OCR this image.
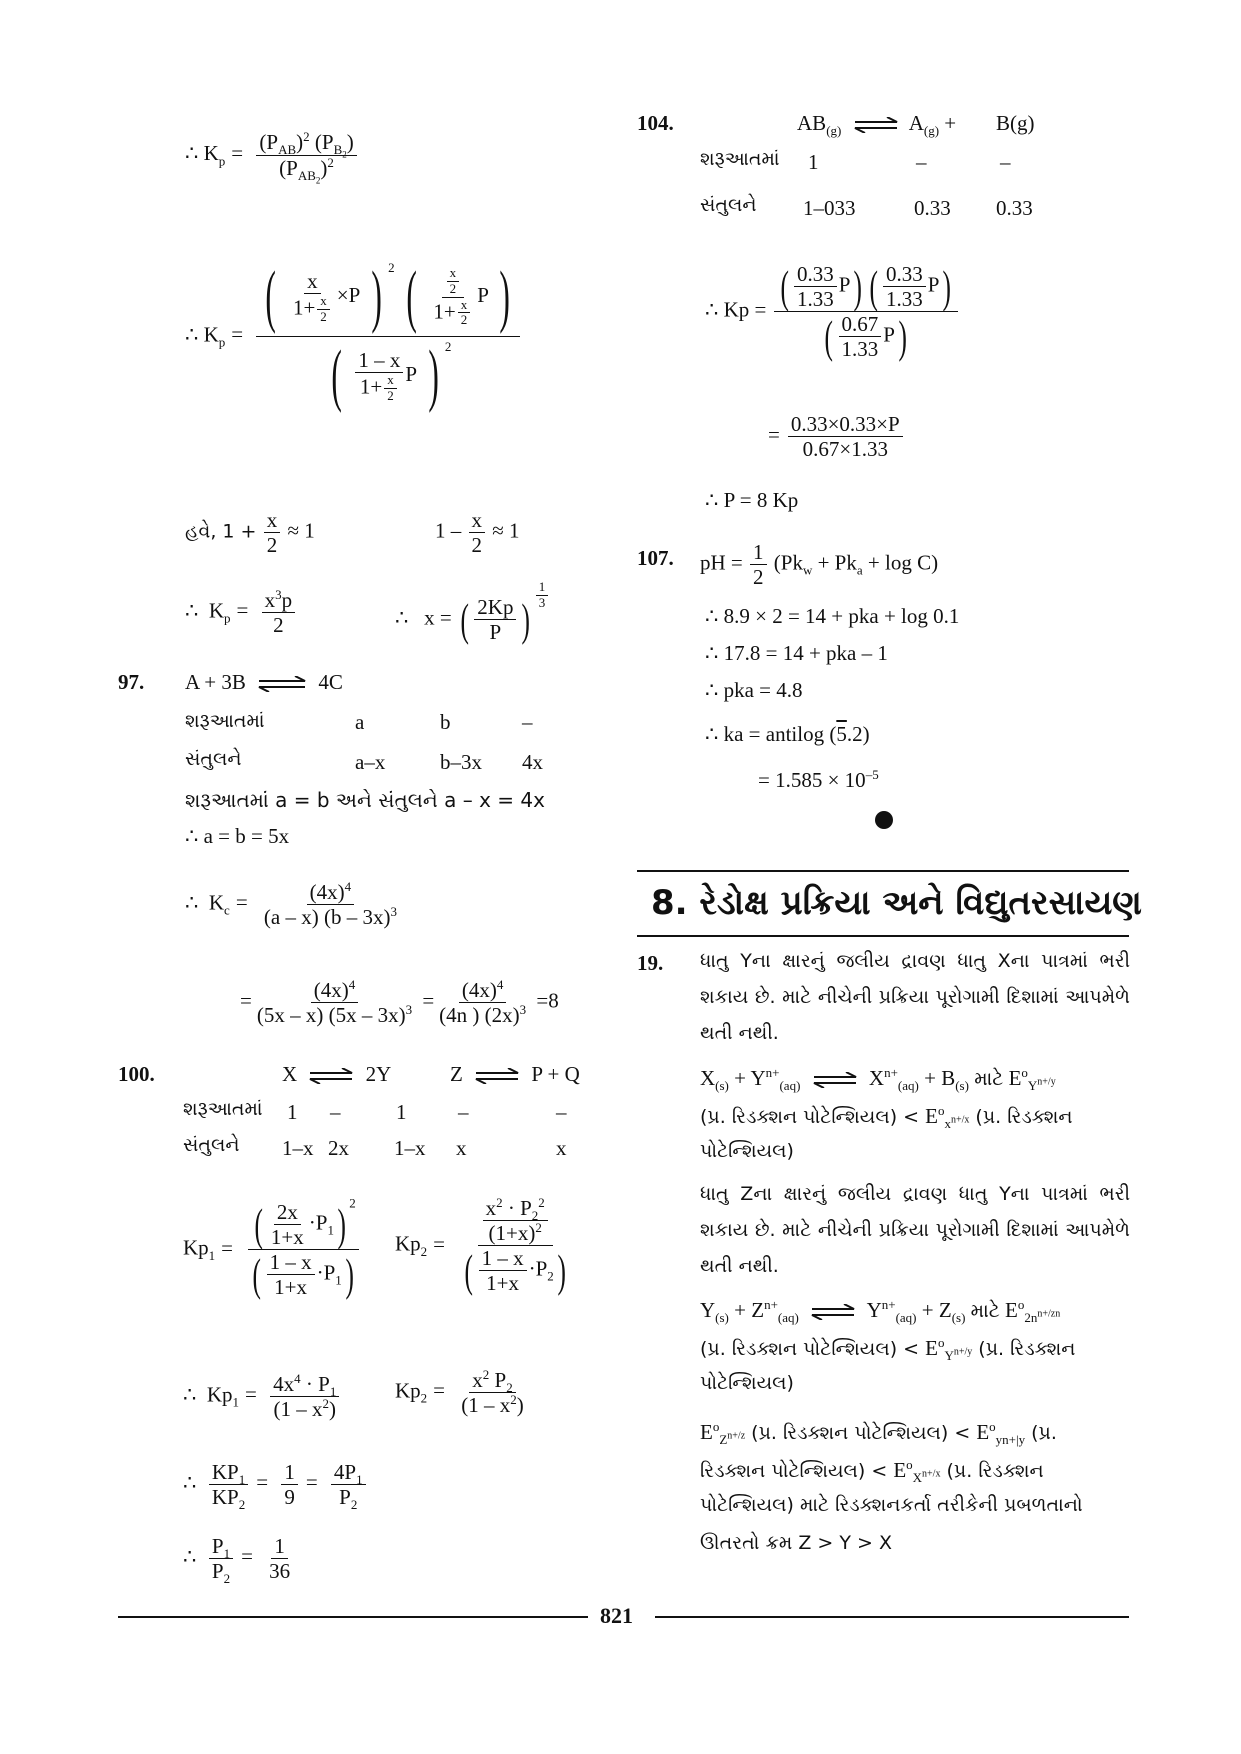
∴ $K_p = \frac{(P_{AB})^2 (P_{B_2})}{(P_{AB_2})^2}$
∴ $K_p = \frac{( \frac{x}{1+ \frac{x}{2}} \times P ) ^2 ( \frac{\frac{x}{2}}{1+ \frac{x}{2}} P )}{( \frac{1 - x}{1+ \frac{x}{2}} P ) ^2}$
હવે, $1 + \frac{x}{2} \approx 1$	$1 - \frac{x}{2} \approx 1$
∴  $K_p = \frac{x^3p}{2}$	∴   x = ( $\frac{2Kp}{P}$ ) $^{\frac{1}{3}}$
97. A + 3B ⇌ 4C
શરૂઆતમાં	a	b	–
સંતુલને	a–x	b–3x 4x
શરૂઆતમાં a = b અને સંતુલને a – x = 4x
∴ a = b = 5x
∴  $K_c = \frac{(4x)^4}{(a - x) (b - 3x)^3}$
= $\frac{(4x)^4}{(5x - x) (5x - 3x)^3} = \frac{(4x)^4}{(4n ) (2x)^3} =8$
100.	X ⇌ 2Y	Z ⇌ P + Q
શરૂઆતમાં 1 –	1 –	–
સંતુલને 1–x 2x 1–x x	x
$Kp_1 = \frac{( \frac{2x}{1+x} \cdot P_1) ^2}{( \frac{1 - x}{1+x} \cdot P_1)} Kp_2 = \frac{\frac{x^2 \cdot P_2^2}{(1+x)^2}}{( \frac{1 - x}{1+x} \cdot P_2)}$
∴  $Kp_1 = \frac{4x^4 \cdot P_1}{(1 - x^2)}$	$Kp_2 = \frac{x^2 P_2}{(1 - x^2)}$
∴ $\frac{KP_1}{KP_2} = \frac{1}{9} = \frac{4P_1}{P_2}$
∴ $\frac{P_1}{P_2} = \frac{1}{36}$
104.	$AB_{(g)}$ ⇌ $A_{(g)} + B(g)$
શરૂઆતમાં 1	–	–
સંતુલને 1–033	0.33 0.33
∴ $Kp = \frac{( \frac{0.33}{1.33} P) ( \frac{0.33}{1.33} P)}{( \frac{0.67}{1.33} P)}$
= $\frac{0.33\times 0.33\times P}{0.67\times 1.33}$
∴ P = 8 Kp
107. pH = $\frac{1}{2} (Pk_w + Pk_a + \log C)$
∴ 8.9 × 2 = 14 + pka + log 0.1
∴ 17.8 = 14 + pka – 1
∴ pka = 4.8
∴ ka = antilog (5.2)
= $1.585 \times 10^{-5}$
8. રેડોક્ષ પ્રક્રિયા અને વિદ્યુતરસાયણ
19. ધાતુ Yના ક્ષારનું જલીય દ્રાવણ ધાતુ Xના પાત્રમાં ભરી શકાય છે. માટે નીચેની પ્રક્રિયા પૂરોગામી દિશામાં આપમેળે થતી નથી.
$X_{(s)} + Y^{n+}_{(aq)}$ ⇌ $X^{n+}_{(aq)} + B_{(s)}$ માટે $E^o_{Y^{n+/y}}$
(પ્ર. રિડક્શન પોટેન્શિયલ) < $E^o_{x^{n+/x}}$ (પ્ર. રિડક્શન
પોટેન્શિયલ)
ધાતુ Zના ક્ષારનું જલીય દ્રાવણ ધાતુ Yના પાત્રમાં ભરી શકાય છે. માટે નીચેની પ્રક્રિયા પૂરોગામી દિશામાં આપમેળે થતી નથી.
$Y_{(s)} + Z^{n+}_{(aq)}$ ⇌ $Y^{n+}_{(aq)} + Z_{(s)}$ માટે $E^o_{2n^{n+/zn}}$
(પ્ર. રિડક્શન પોટેન્શિયલ) < $E^o_{Y^{n+/y}}$ (પ્ર. રિડક્શન
પોટેન્શિયલ)
$E^o_{Z^{n+/z}}$ (પ્ર. રિડક્શન પોટેન્શિયલ) < $E^o_{yn+|y}$ (પ્ર.
રિડક્શન પોટેન્શિયલ) < $E^o_{X^{n+/x}}$ (પ્ર. રિડક્શન
પોટેન્શિયલ) માટે રિડક્શનકર્તા તરીકેની પ્રબળતાનો
ઊતરતો ક્રમ Z > Y > X
821
